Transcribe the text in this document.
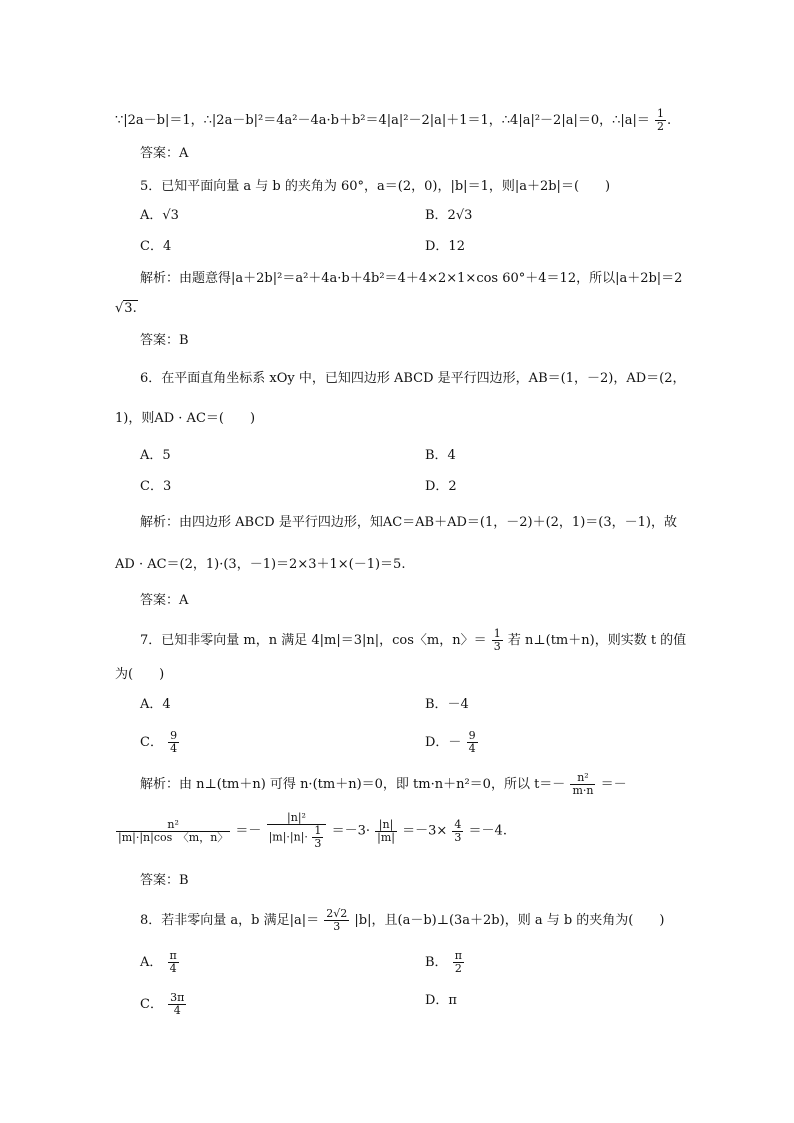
∵|2a－b|＝1，∴|2a－b|²＝4a²－4a·b＋b²＝4|a|²－2|a|＋1＝1，∴4|a|²－2|a|＝0，∴|a|＝ $\frac{1}{2}$ .
答案：A
5．已知平面向量 a 与 b 的夹角为 60°，a＝(2，0)，|b|＝1，则|a＋2b|＝(　　)
A．√3	B．2√3
C．4	D．12
解析：由题意得|a＋2b|²＝a²＋4a·b＋4b²＝4＋4×2×1×cos 60°＋4＝12，所以|a＋2b|＝2
√3.
答案：B
6．在平面直角坐标系 xOy 中，已知四边形 ABCD 是平行四边形，AB＝(1，－2)，AD＝(2，
1)，则AD · AC＝(　　)
A．5	B．4
C．3	D．2
解析：由四边形 ABCD 是平行四边形，知AC＝AB＋AD＝(1，－2)＋(2，1)＝(3，－1)，故
AD · AC＝(2，1)·(3，－1)＝2×3＋1×(－1)＝5.
答案：A
7．已知非零向量 m，n 满足 4|m|＝3|n|，cos〈m，n〉＝ $\frac{1}{3}$ 若 n⊥(tm＋n)，则实数 t 的值
为(　　)
A．4	B．－4
C． $\frac{9}{4}$	D．－ $\frac{9}{4}$
解析：由 n⊥(tm＋n) 可得 n·(tm＋n)＝0，即 tm·n＋n²＝0，所以 $t=- \frac{\text{n²}}{m\cdot n}$ ＝－
$\frac{\text{n²}}{|m|\cdot|n|\cos 〈m,n〉} =- \frac{\text{|n|²}}{|m|\cdot|n|\cdot \frac{1}{3}} =-3\cdot \frac{|n|}{|m|} =-3\times \frac{4}{3} =-4$.
答案：B
8．若非零向量 a，b 满足$|a|= \frac{2√2}{3} |b|$，且(a－b)⊥(3a＋2b)，则 a 与 b 的夹角为(　　)
A． $\frac{\pi}{4}$	B． $\frac{\pi}{2}$
C． $\frac{3\pi}{4}$	D．π
